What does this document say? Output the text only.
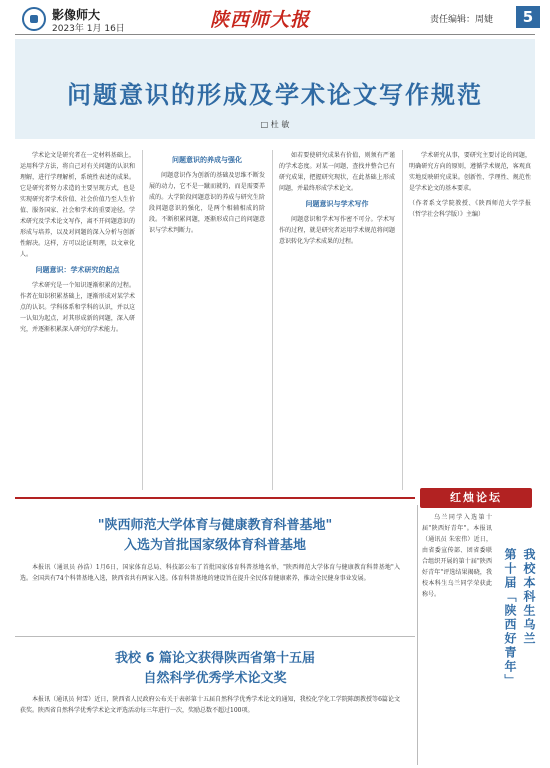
影像师大
2023年 1月 16日	陕西师大报	责任编辑：周婕	5
问题意识的形成及学术论文写作规范
□ 杜 敏

学术论文是研究者在一定材料基础上，运用科学方法，将自己对有关问题的认识和理解，进行学理解析，系统性表述的成果。它是研究者努力求造的主要呈现方式，也是实现研究者学术价值、社会价值乃至人生价值、服务国家、社会和学术的重要途径。学术研究及学术论文写作，离不开问题意识的形成与培养，以及对问题的深入分析与创新性解决。这样，方可以论证明理，以文章化人。

问题意识：学术研究的起点

学术研究是一个知识逐渐积累的过程。作者在知识积累基础上，逐渐形成对某学术点的认识。学科体系和学科的认识，并以这一认知为起点，对其形成新的问题，深入研究，并逐渐积累深入研究的学术能力。

问题意识的养成与强化

问题意识作为创新的基础及思维不断发展的动力，它不是一蹴而就的，而是需要养成的。大学阶段问题意识的养成与研究生阶段问题意识的强化，是两个相辅相成的阶段。不断积累问题，逐渐形成自己的问题意识与学术判断力。

如若要使研究成果有价值，则须有严谨的学术态度。对某一问题，查找并整合已有研究成果，把握研究现状，在此基础上形成问题，并最终形成学术论文。

问题意识与学术写作

问题意识和学术写作密不可分。学术写作的过程，就是研究者运用学术规范将问题意识转化为学术成果的过程。

学术研究从事，要研究主要讨论的问题，明确研究方向的原则，遵循学术规范，客观真实地反映研究成果。创新性、学理性、规范性是学术论文的基本要求。

（作者系文学院教授、《陕西师范大学学报（哲学社会科学版）》主编）

红烛论坛
"陕西师范大学体育与健康教育科普基地"
入选为首批国家级体育科普基地

本报讯（通讯员 孙浩）1月6日，国家体育总局、科技部公布了首批国家体育科普基地名单，"陕西师范大学体育与健康教育科普基地"入选。全国共有74个科普基地入选，陕西省共有两家入选。体育科普基地的建设旨在提升全民体育健康素养，推动全民健身事业发展。	我校本科生乌兰
第十届「陕西好青年」

乌兰同学入选第十届"陕西好青年"。本报讯（通讯员 朱宏伟）近日，由省委宣传部、团省委联合组织开展的第十届"陕西好青年"评选结果揭晓，我校本科生乌兰同学荣获此称号。

我校 6 篇论文获得陕西省第十五届
自然科学优秀学术论文奖

本报讯（通讯员 何雪）近日，陕西省人民政府公布关于表彰第十五届自然科学优秀学术论文的通知，我校化学化工学院陈朗教授等6篇论文获奖。陕西省自然科学优秀学术论文评选活动每三年进行一次，奖励总数不超过100项。
